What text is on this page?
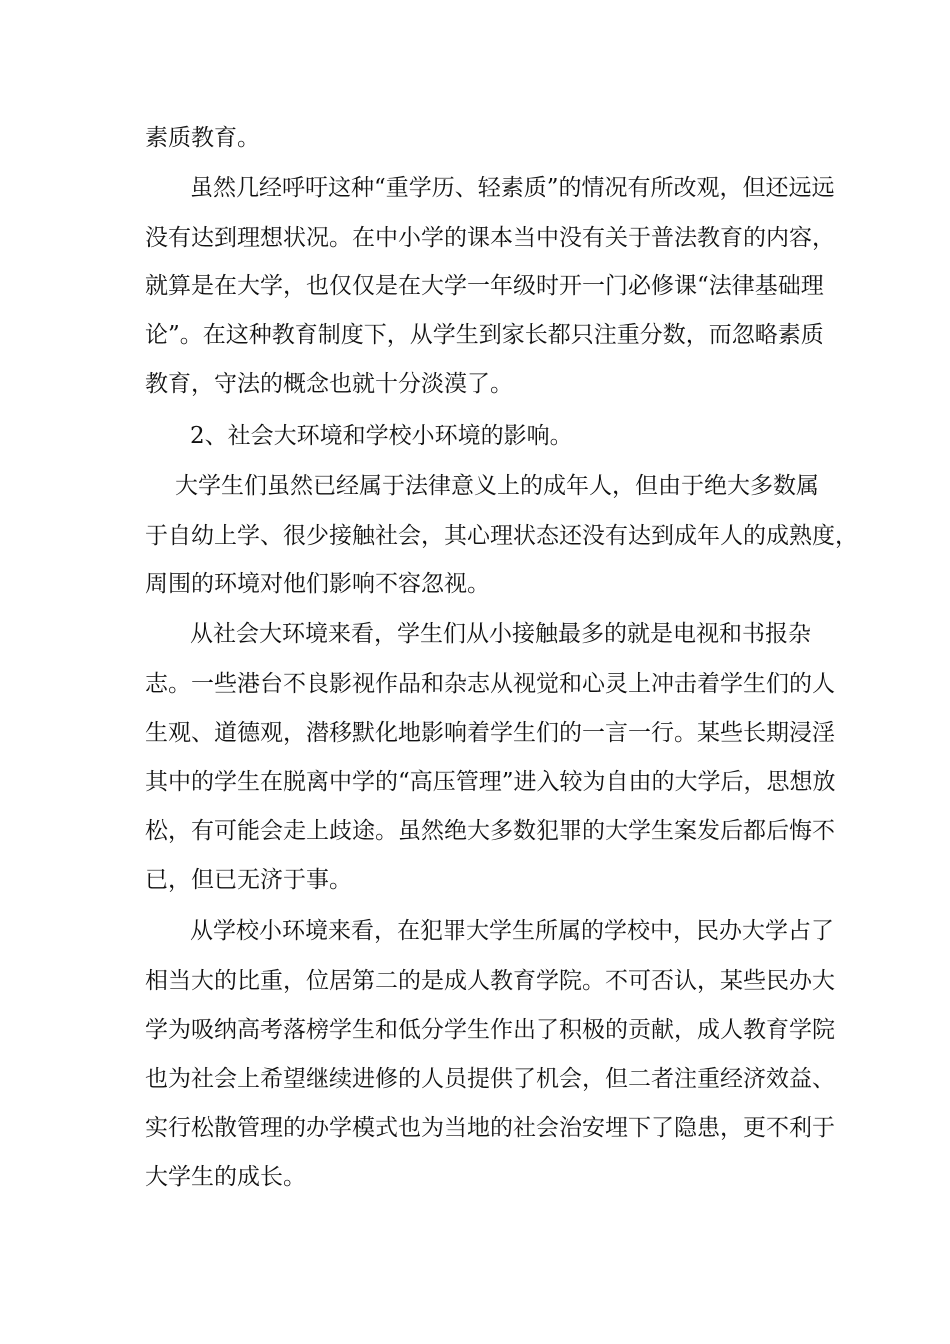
素质教育。
虽然几经呼吁这种“重学历、轻素质”的情况有所改观，但还远远
没有达到理想状况。在中小学的课本当中没有关于普法教育的内容，
就算是在大学，也仅仅是在大学一年级时开一门必修课“法律基础理
论”。在这种教育制度下，从学生到家长都只注重分数，而忽略素质
教育，守法的概念也就十分淡漠了。
2、社会大环境和学校小环境的影响。
大学生们虽然已经属于法律意义上的成年人，但由于绝大多数属
于自幼上学、很少接触社会，其心理状态还没有达到成年人的成熟度，
周围的环境对他们影响不容忽视。
从社会大环境来看，学生们从小接触最多的就是电视和书报杂
志。一些港台不良影视作品和杂志从视觉和心灵上冲击着学生们的人
生观、道德观，潜移默化地影响着学生们的一言一行。某些长期浸淫
其中的学生在脱离中学的“高压管理”进入较为自由的大学后，思想放
松，有可能会走上歧途。虽然绝大多数犯罪的大学生案发后都后悔不
已，但已无济于事。
从学校小环境来看，在犯罪大学生所属的学校中，民办大学占了
相当大的比重，位居第二的是成人教育学院。不可否认，某些民办大
学为吸纳高考落榜学生和低分学生作出了积极的贡献，成人教育学院
也为社会上希望继续进修的人员提供了机会，但二者注重经济效益、
实行松散管理的办学模式也为当地的社会治安埋下了隐患，更不利于
大学生的成长。
